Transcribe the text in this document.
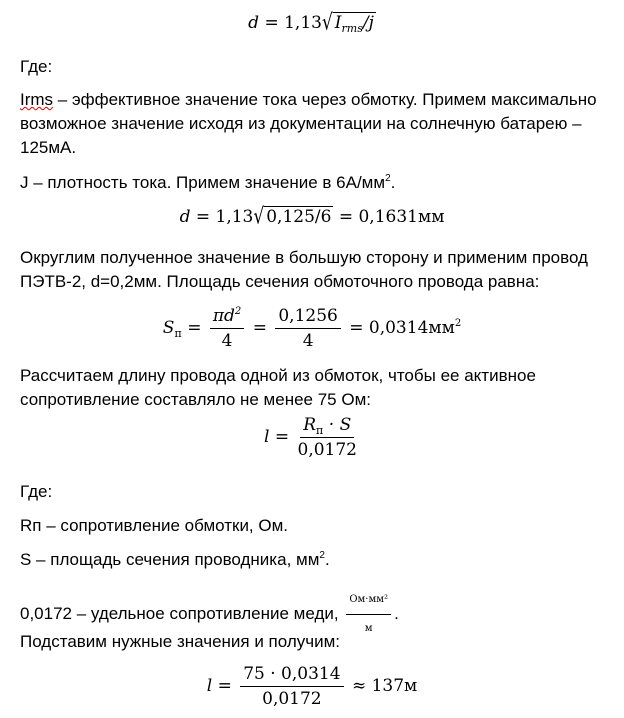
d = 1,13√ $I_{rms}/j$
Где:
Irms – эффективное значение тока через обмотку. Примем максимально возможное значение исходя из документации на солнечную батарею – 125мА.
J – плотность тока. Примем значение в $6А/мм^2$.
d = 1,13√ 0,125/6 = 0,1631мм
Округлим полученное значение в большую сторону и применим провод ПЭТВ-2, d=0,2мм. Площадь сечения обмоточного провода равна:
$S_п = \frac{\pi d^2}{4} = \frac{0,1256}{4} = 0,0314мм^2$
Рассчитаем длину провода одной из обмоток, чтобы ее активное сопротивление составляло не менее 75 Ом:
l =
$R_п \cdot S$
0,0172
Где:
Rп – сопротивление обмотки, Ом.
S – площадь сечения проводника, $мм^2$.
0,0172 – удельное сопротивление меди,
Ом·мм²
м
.
Подставим нужные значения и получим:
$l = \frac{75 \cdot 0,0314}{0,0172} \approx 137м$
